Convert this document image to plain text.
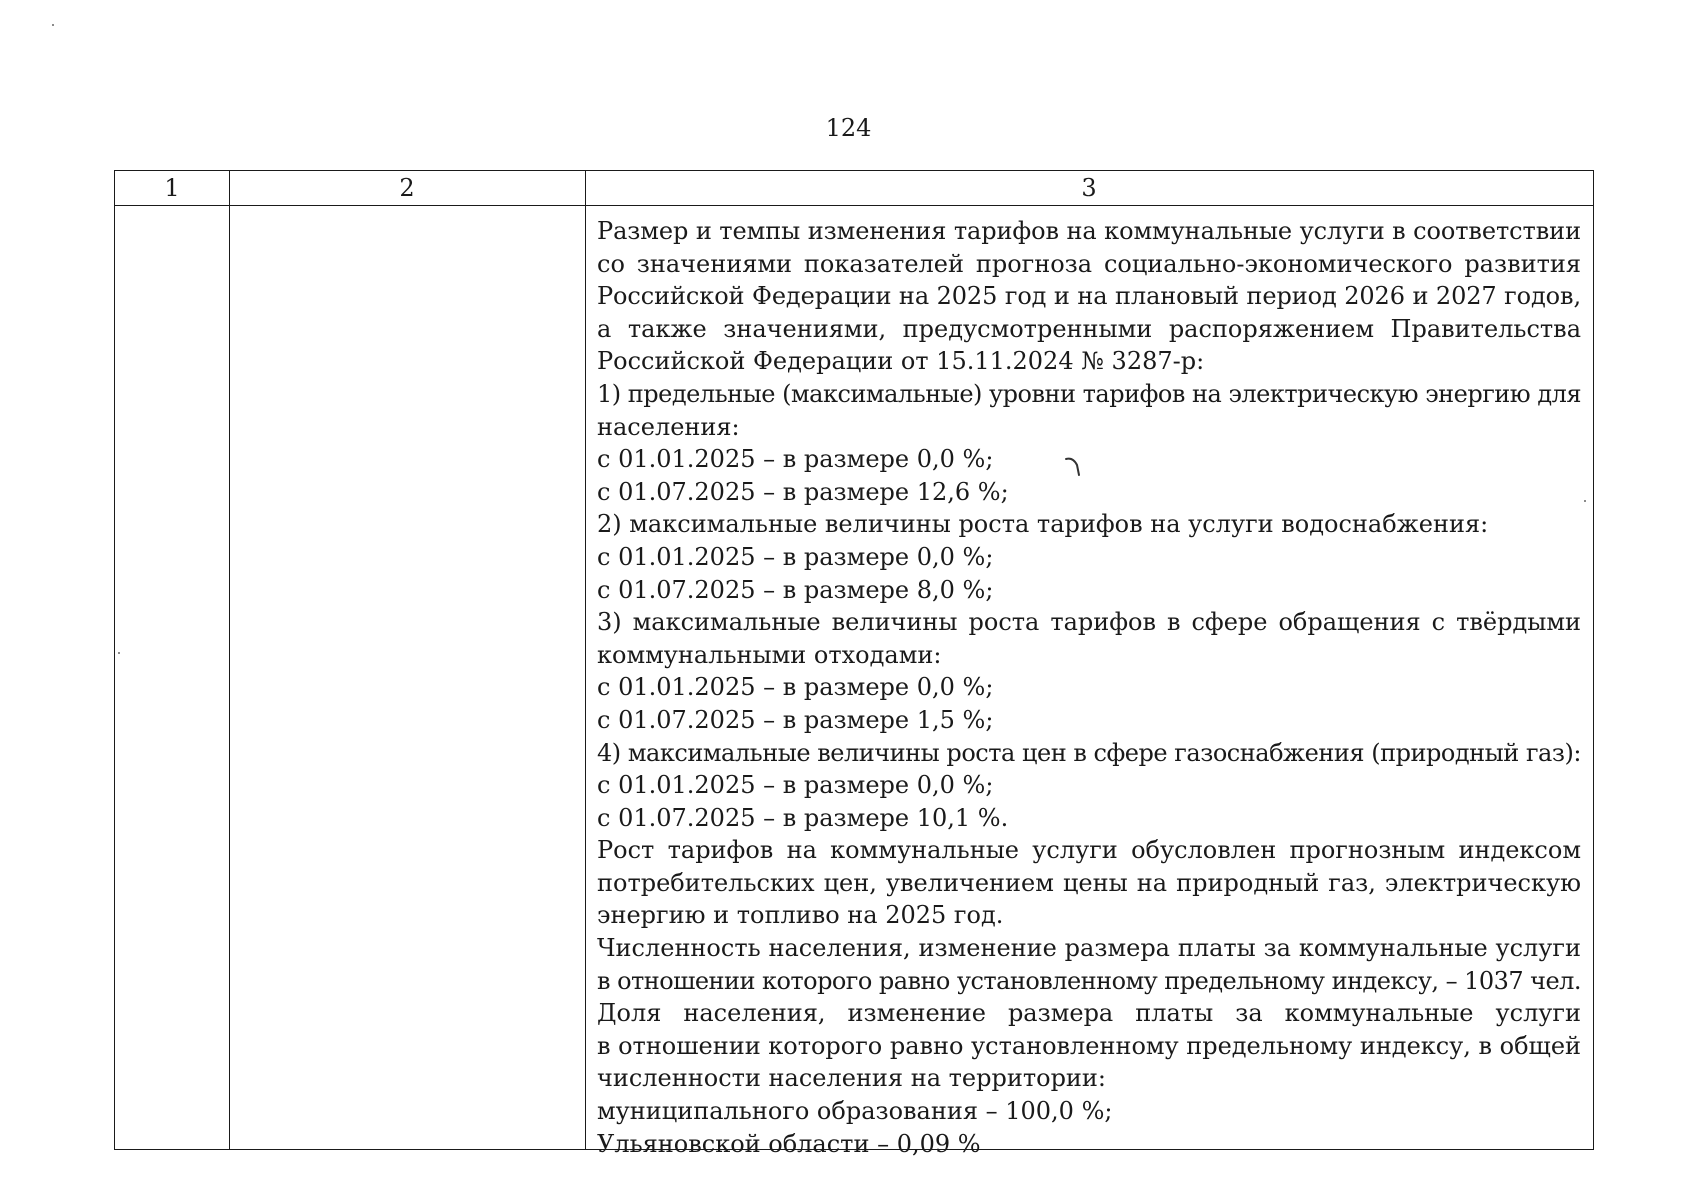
124
1	2	3
Размер и темпы изменения тарифов на коммунальные услуги в соответствии
со значениями показателей прогноза социально-экономического развития
Российской Федерации на 2025 год и на плановый период 2026 и 2027 годов,
а также значениями, предусмотренными распоряжением Правительства
Российской Федерации от 15.11.2024 № 3287-р:
1) предельные (максимальные) уровни тарифов на электрическую энергию для
населения:
с 01.01.2025 – в размере 0,0 %;
с 01.07.2025 – в размере 12,6 %;
2) максимальные величины роста тарифов на услуги водоснабжения:
с 01.01.2025 – в размере 0,0 %;
с 01.07.2025 – в размере 8,0 %;
3) максимальные величины роста тарифов в сфере обращения с твёрдыми
коммунальными отходами:
с 01.01.2025 – в размере 0,0 %;
с 01.07.2025 – в размере 1,5 %;
4) максимальные величины роста цен в сфере газоснабжения (природный газ):
с 01.01.2025 – в размере 0,0 %;
с 01.07.2025 – в размере 10,1 %.
Рост тарифов на коммунальные услуги обусловлен прогнозным индексом
потребительских цен, увеличением цены на природный газ, электрическую
энергию и топливо на 2025 год.
Численность населения, изменение размера платы за коммунальные услуги
в отношении которого равно установленному предельному индексу, – 1037 чел.
Доля населения, изменение размера платы за коммунальные услуги
в отношении которого равно установленному предельному индексу, в общей
численности населения на территории:
муниципального образования – 100,0 %;
Ульяновской области – 0,09 %
